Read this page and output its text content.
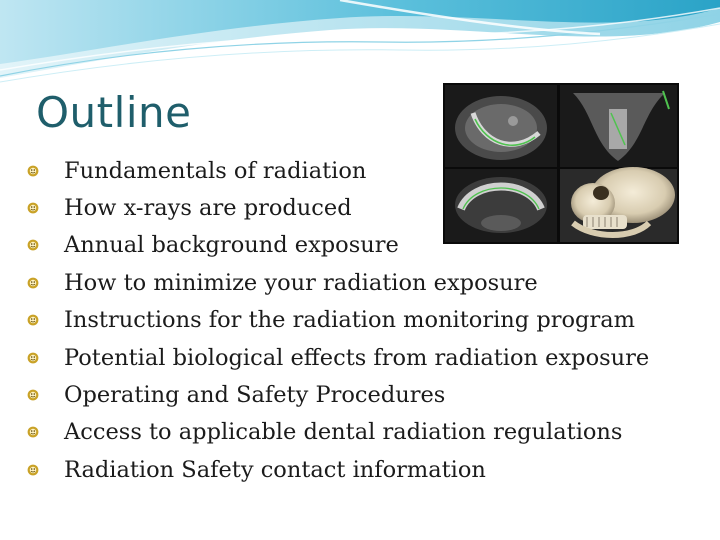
Outline
Fundamentals of radiation
How x-rays are produced
Annual background exposure
How to minimize your radiation exposure
Instructions for the radiation monitoring program
Potential biological effects from radiation exposure
Operating and Safety Procedures
Access to applicable dental radiation regulations
Radiation Safety contact information
